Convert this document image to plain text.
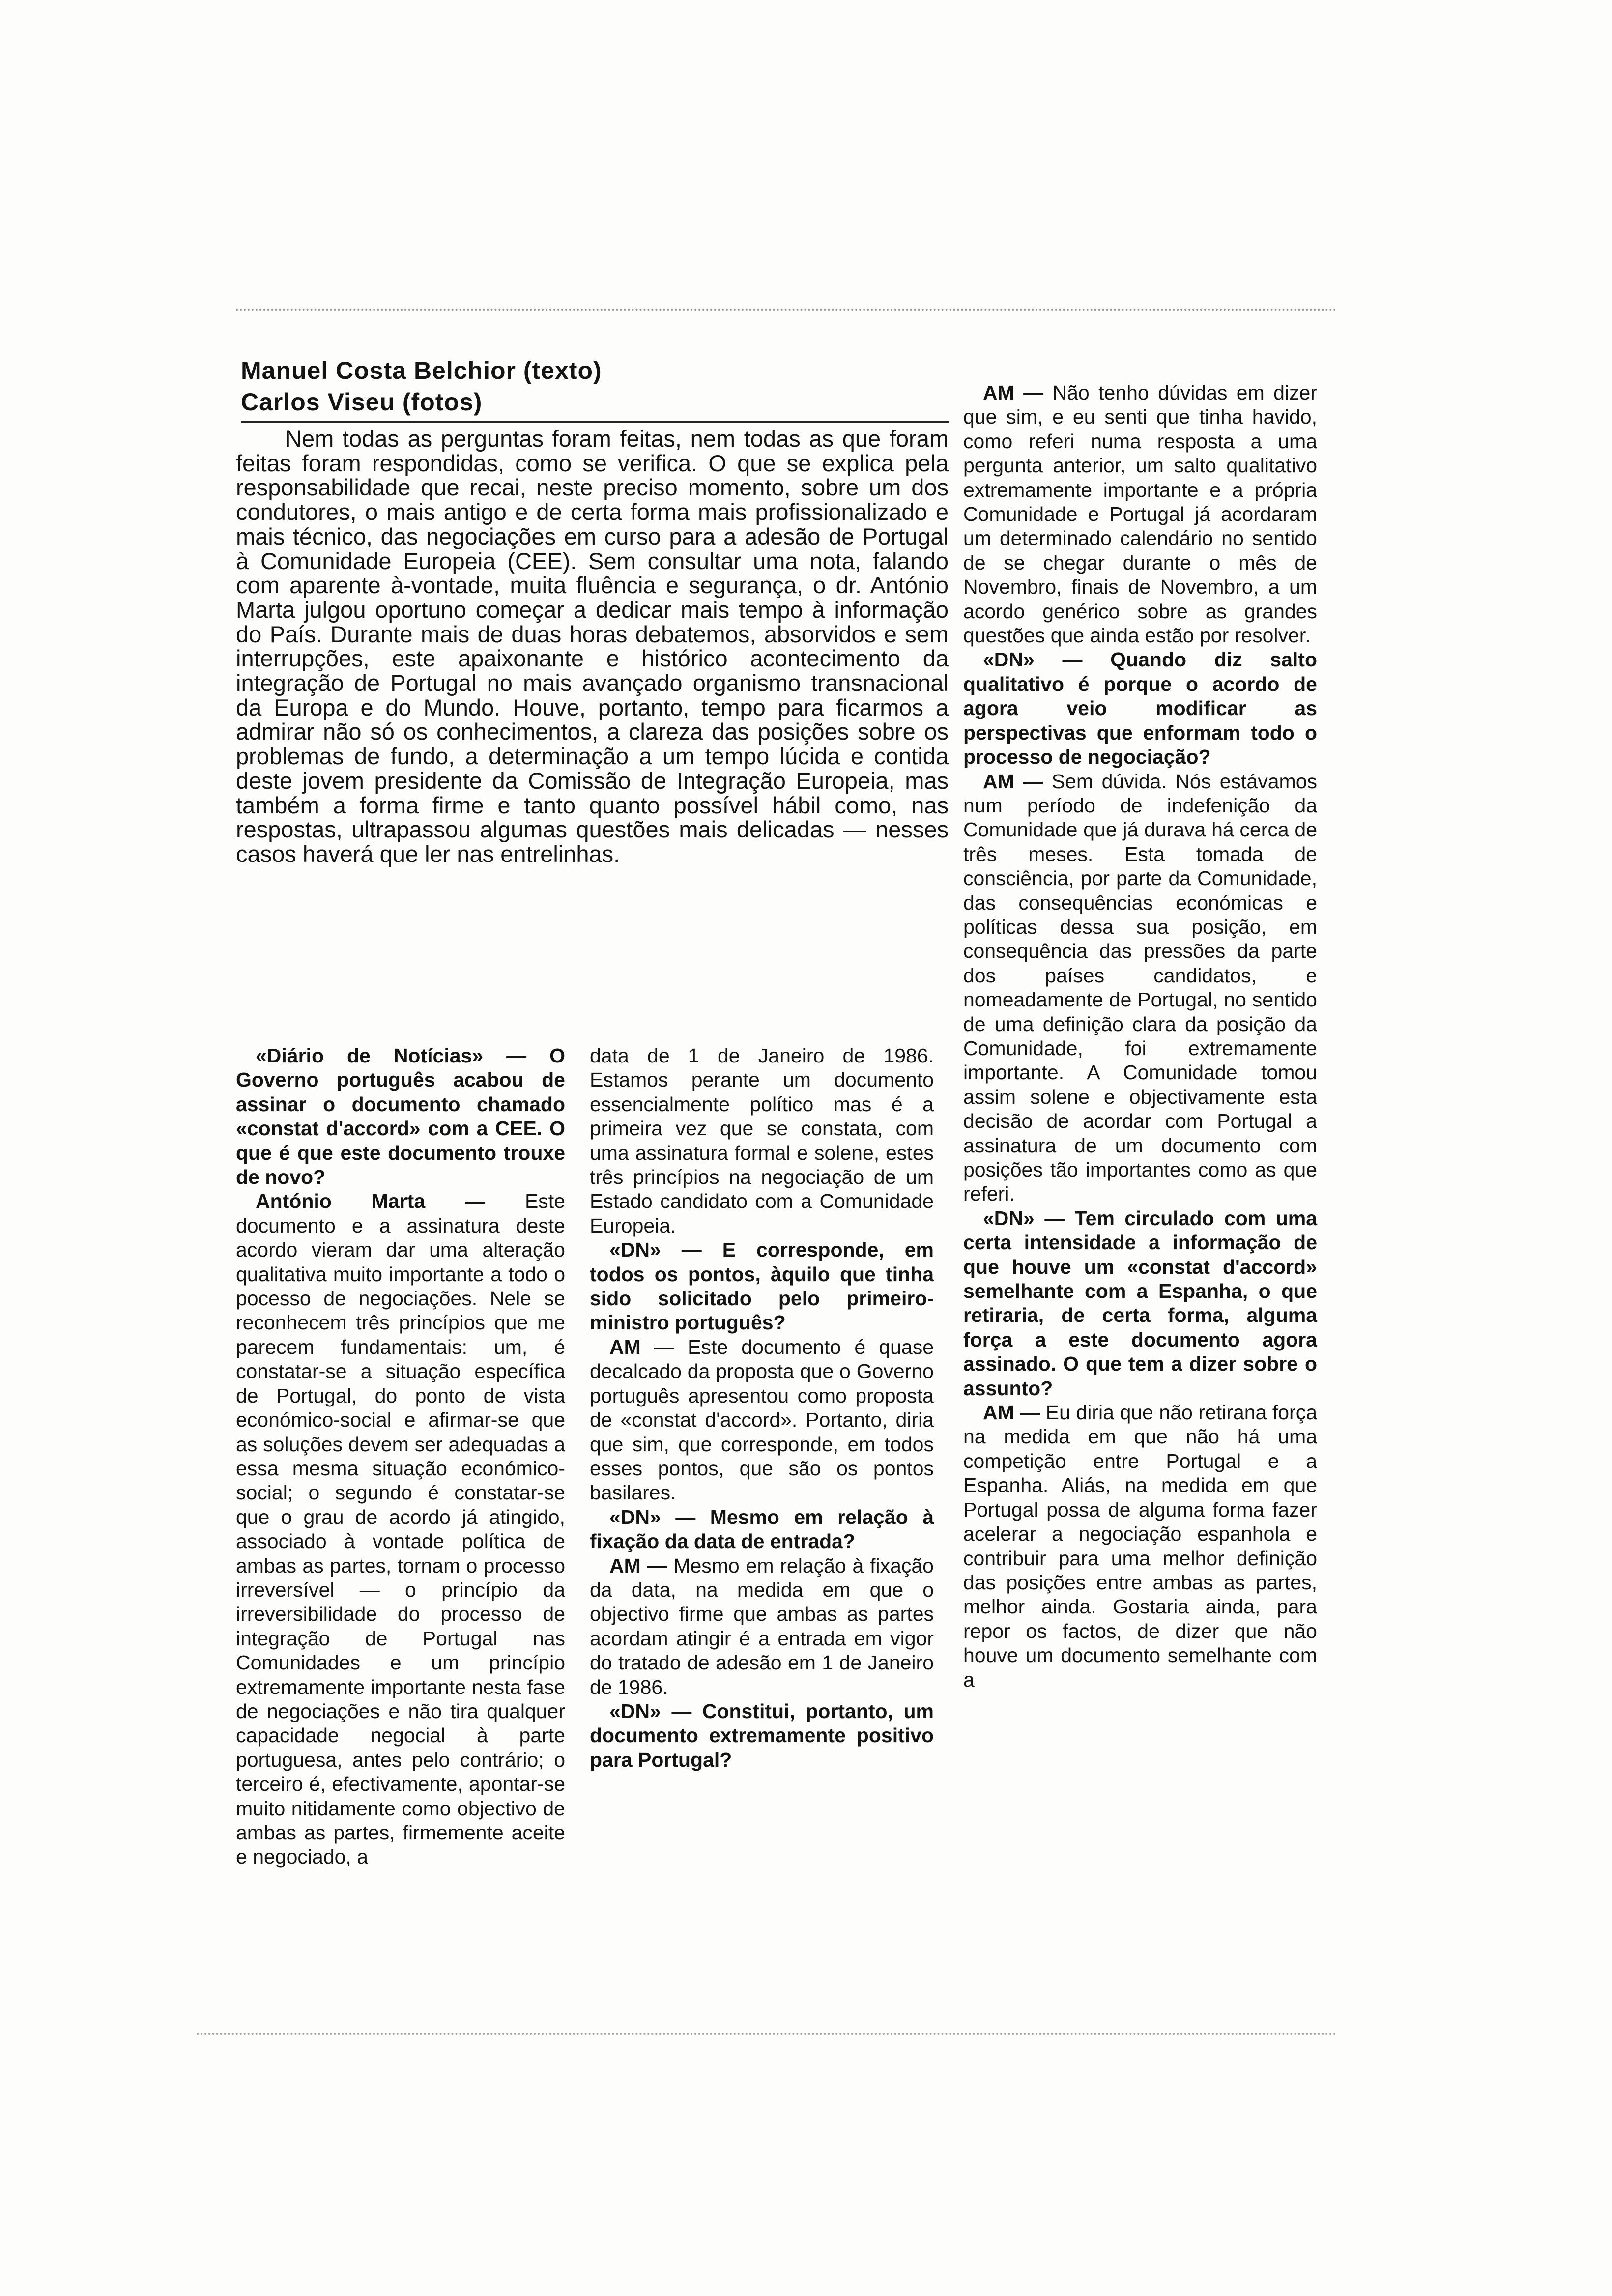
Manuel Costa Belchior (texto)
Carlos Viseu (fotos)

Nem todas as perguntas foram feitas, nem todas as que foram feitas foram respondidas, como se verifica. O que se explica pela responsabilidade que recai, neste preciso momento, sobre um dos condutores, o mais antigo e de certa forma mais profissionalizado e mais técnico, das negociações em curso para a adesão de Portugal à Comunidade Europeia (CEE). Sem consultar uma nota, falando com aparente à-vontade, muita fluência e segurança, o dr. António Marta julgou oportuno começar a dedicar mais tempo à informação do País. Durante mais de duas horas debatemos, absorvidos e sem interrupções, este apaixonante e histórico acontecimento da integração de Portugal no mais avançado organismo transnacional da Europa e do Mundo. Houve, portanto, tempo para ficarmos a admirar não só os conhecimentos, a clareza das posições sobre os problemas de fundo, a determinação a um tempo lúcida e contida deste jovem presidente da Comissão de Integração Europeia, mas também a forma firme e tanto quanto possível hábil como, nas respostas, ultrapassou algumas questões mais delicadas — nesses casos haverá que ler nas entrelinhas.

«Diário de Notícias» — O Governo português acabou de assinar o documento chamado «constat d'accord» com a CEE. O que é que este documento trouxe de novo?

António Marta — Este documento e a assinatura deste acordo vieram dar uma alteração qualitativa muito importante a todo o pocesso de negociações. Nele se reconhecem três princípios que me parecem fundamentais: um, é constatar-se a situação específica de Portugal, do ponto de vista económico-social e afirmar-se que as soluções devem ser adequadas a essa mesma situação económico-social; o segundo é constatar-se que o grau de acordo já atingido, associado à vontade política de ambas as partes, tornam o processo irreversível — o princípio da irreversibilidade do processo de integração de Portugal nas Comunidades e um princípio extremamente importante nesta fase de negociações e não tira qualquer capacidade negocial à parte portuguesa, antes pelo contrário; o terceiro é, efectivamente, apontar-se muito nitidamente como objectivo de ambas as partes, firmemente aceite e negociado, a

data de 1 de Janeiro de 1986. Estamos perante um documento essencialmente político mas é a primeira vez que se constata, com uma assinatura formal e solene, estes três princípios na negociação de um Estado candidato com a Comunidade Europeia.

«DN» — E corresponde, em todos os pontos, àquilo que tinha sido solicitado pelo primeiro-ministro português?

AM — Este documento é quase decalcado da proposta que o Governo português apresentou como proposta de «constat d'accord». Portanto, diria que sim, que corresponde, em todos esses pontos, que são os pontos basilares.

«DN» — Mesmo em relação à fixação da data de entrada?

AM — Mesmo em relação à fixação da data, na medida em que o objectivo firme que ambas as partes acordam atingir é a entrada em vigor do tratado de adesão em 1 de Janeiro de 1986.

«DN» — Constitui, portanto, um documento extremamente positivo para Portugal?

AM — Não tenho dúvidas em dizer que sim, e eu senti que tinha havido, como referi numa resposta a uma pergunta anterior, um salto qualitativo extremamente importante e a própria Comunidade e Portugal já acordaram um determinado calendário no sentido de se chegar durante o mês de Novembro, finais de Novembro, a um acordo genérico sobre as grandes questões que ainda estão por resolver.

«DN» — Quando diz salto qualitativo é porque o acordo de agora veio modificar as perspectivas que enformam todo o processo de negociação?

AM — Sem dúvida. Nós estávamos num período de indefenição da Comunidade que já durava há cerca de três meses. Esta tomada de consciência, por parte da Comunidade, das consequências económicas e políticas dessa sua posição, em consequência das pressões da parte dos países candidatos, e nomeadamente de Portugal, no sentido de uma definição clara da posição da Comunidade, foi extremamente importante. A Comunidade tomou assim solene e objectivamente esta decisão de acordar com Portugal a assinatura de um documento com posições tão importantes como as que referi.

«DN» — Tem circulado com uma certa intensidade a informação de que houve um «constat d'accord» semelhante com a Espanha, o que retiraria, de certa forma, alguma força a este documento agora assinado. O que tem a dizer sobre o assunto?

AM — Eu diria que não retirana força na medida em que não há uma competição entre Portugal e a Espanha. Aliás, na medida em que Portugal possa de alguma forma fazer acelerar a negociação espanhola e contribuir para uma melhor definição das posições entre ambas as partes, melhor ainda. Gostaria ainda, para repor os factos, de dizer que não houve um documento semelhante com a
